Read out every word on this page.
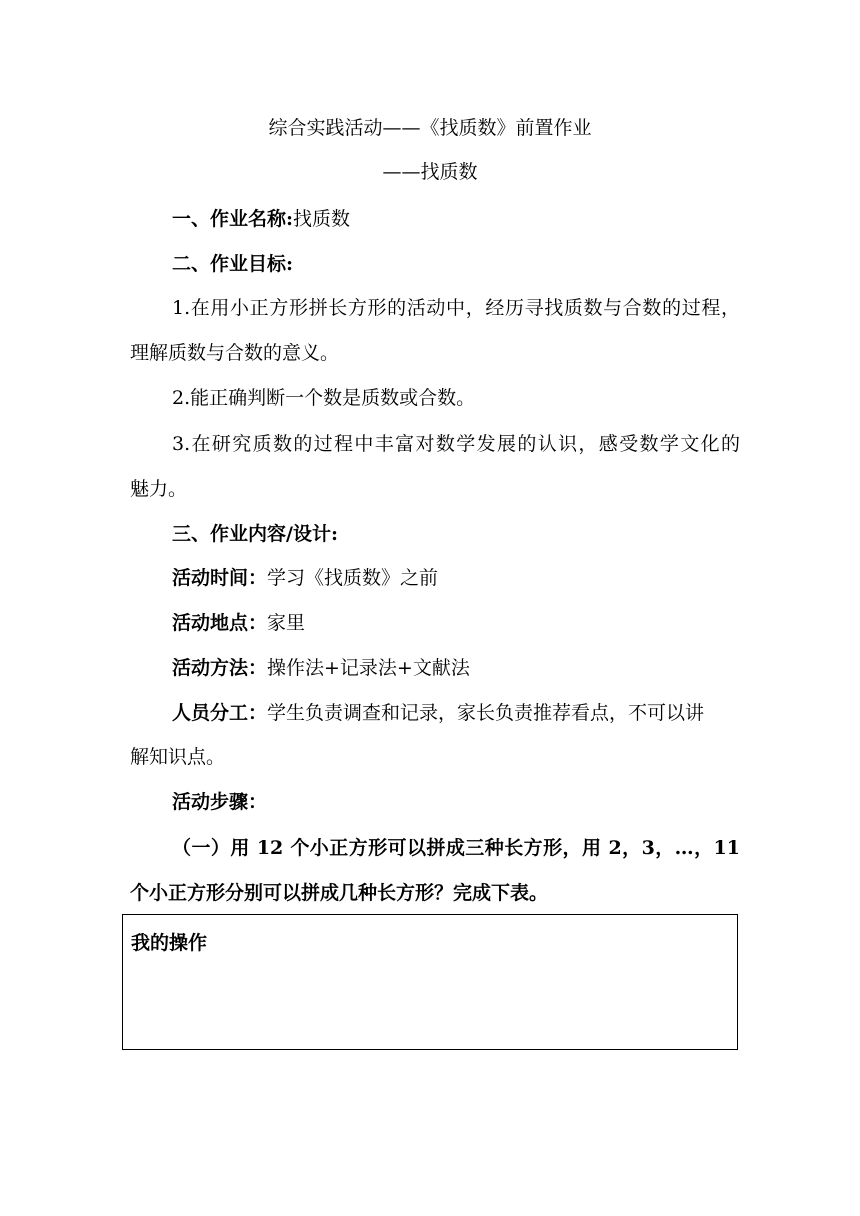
综合实践活动——《找质数》前置作业
——找质数
一、作业名称:找质数
二、作业目标:
1.在用小正方形拼长方形的活动中，经历寻找质数与合数的过程，
理解质数与合数的意义。
2.能正确判断一个数是质数或合数。
3.在研究质数的过程中丰富对数学发展的认识，感受数学文化的
魅力。
三、作业内容/设计:
活动时间：学习《找质数》之前
活动地点：家里
活动方法：操作法+记录法+文献法
人员分工：学生负责调查和记录，家长负责推荐看点，不可以讲
解知识点。
活动步骤：
（一）用 12 个小正方形可以拼成三种长方形，用 2，3，…，11
个小正方形分别可以拼成几种长方形？完成下表。
我的操作
